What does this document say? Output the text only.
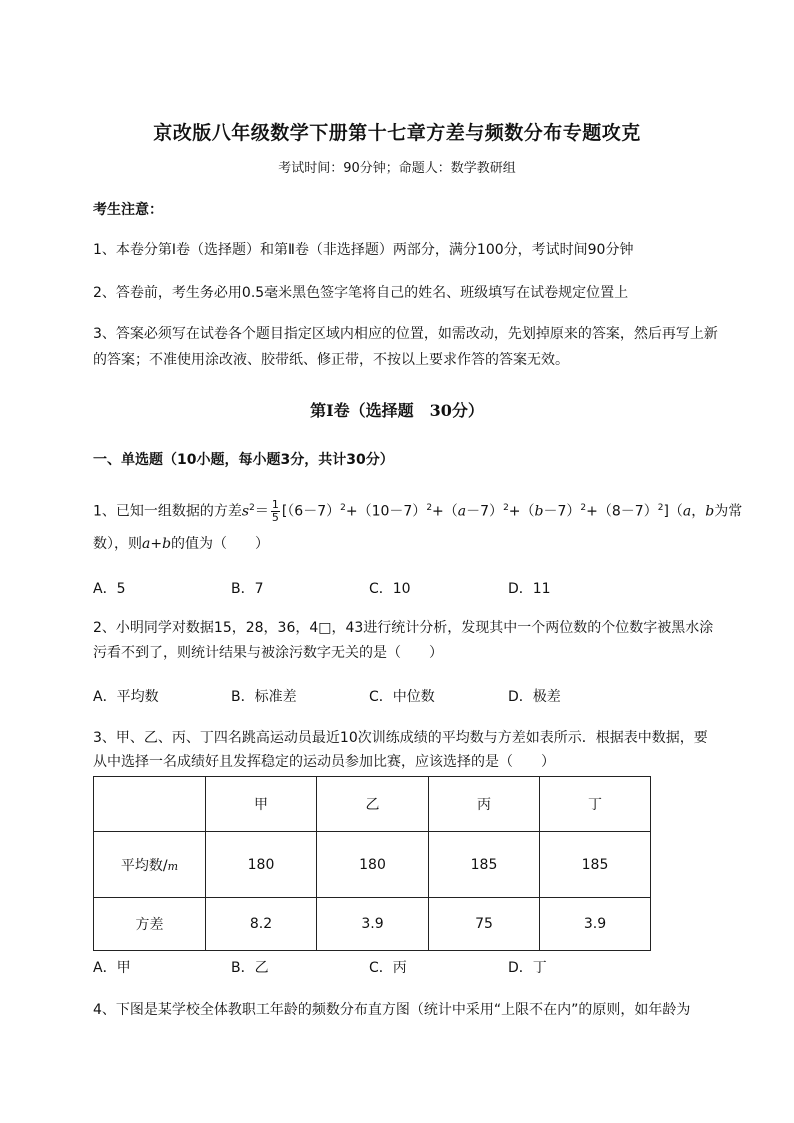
京改版八年级数学下册第十七章方差与频数分布专题攻克
考试时间：90分钟；命题人：数学教研组
考生注意：
1、本卷分第Ⅰ卷（选择题）和第Ⅱ卷（非选择题）两部分，满分100分，考试时间90分钟
2、答卷前，考生务必用0.5毫米黑色签字笔将自己的姓名、班级填写在试卷规定位置上
3、答案必须写在试卷各个题目指定区域内相应的位置，如需改动，先划掉原来的答案，然后再写上新
的答案；不准使用涂改液、胶带纸、修正带，不按以上要求作答的答案无效。
第Ⅰ卷（选择题　30分）
一、单选题（10小题，每小题3分，共计30分）
1、已知一组数据的方差$s^2= \frac{1}{5} [(6-7)^2+(10-7)^2+(a-7)^2+(b-7)^2+(8-7)^2](a$，b为常
数），则a+b的值为（　　）
A．5	B．7	C．10	D．11
2、小明同学对数据15，28，36，4□，43进行统计分析，发现其中一个两位数的个位数字被黑水涂
污看不到了，则统计结果与被涂污数字无关的是（　　）
A．平均数	B．标准差	C．中位数	D．极差
3、甲、乙、丙、丁四名跳高运动员最近10次训练成绩的平均数与方差如表所示．根据表中数据，要
从中选择一名成绩好且发挥稳定的运动员参加比赛，应该选择的是（　　）
	甲	乙	丙	丁
平均数/m	180	180	185	185
方差	8.2	3.9	75	3.9
A．甲	B．乙	C．丙	D．丁
4、下图是某学校全体教职工年龄的频数分布直方图（统计中采用“上限不在内”的原则，如年龄为
